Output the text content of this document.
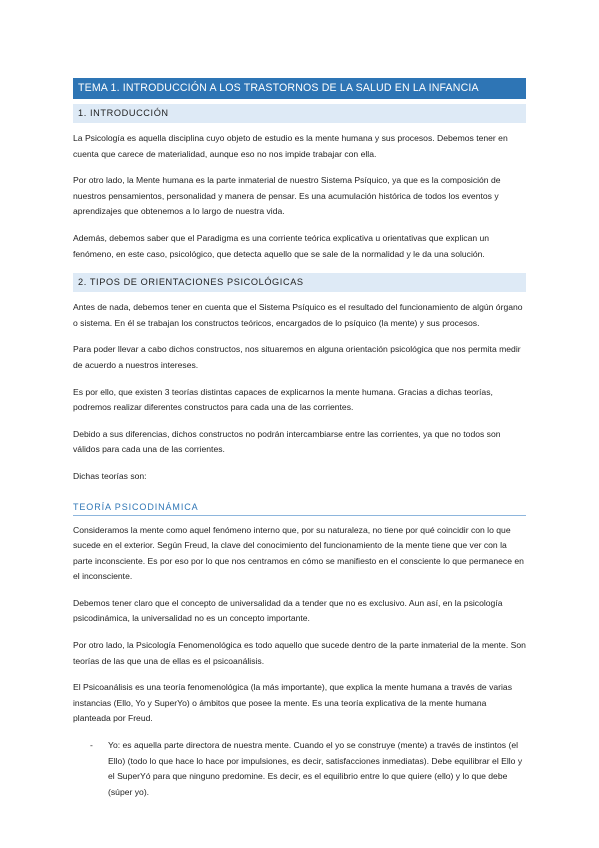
TEMA 1. INTRODUCCIÓN A LOS TRASTORNOS DE LA SALUD EN LA INFANCIA
1. INTRODUCCIÓN

La Psicología es aquella disciplina cuyo objeto de estudio es la mente humana y sus procesos. Debemos tener en cuenta que carece de materialidad, aunque eso no nos impide trabajar con ella.

Por otro lado, la Mente humana es la parte inmaterial de nuestro Sistema Psíquico, ya que es la composición de nuestros pensamientos, personalidad y manera de pensar. Es una acumulación histórica de todos los eventos y aprendizajes que obtenemos a lo largo de nuestra vida.

Además, debemos saber que el Paradigma es una corriente teórica explicativa u orientativas que explican un fenómeno, en este caso, psicológico, que detecta aquello que se sale de la normalidad y le da una solución.

2. TIPOS DE ORIENTACIONES PSICOLÓGICAS

Antes de nada, debemos tener en cuenta que el Sistema Psíquico es el resultado del funcionamiento de algún órgano o sistema. En él se trabajan los constructos teóricos, encargados de lo psíquico (la mente) y sus procesos.

Para poder llevar a cabo dichos constructos, nos situaremos en alguna orientación psicológica que nos permita medir de acuerdo a nuestros intereses.

Es por ello, que existen 3 teorías distintas capaces de explicarnos la mente humana. Gracias a dichas teorías, podremos realizar diferentes constructos para cada una de las corrientes.

Debido a sus diferencias, dichos constructos no podrán intercambiarse entre las corrientes, ya que no todos son válidos para cada una de las corrientes.

Dichas teorías son:

TEORÍA PSICODINÁMICA

Consideramos la mente como aquel fenómeno interno que, por su naturaleza, no tiene por qué coincidir con lo que sucede en el exterior. Según Freud, la clave del conocimiento del funcionamiento de la mente tiene que ver con la parte inconsciente. Es por eso por lo que nos centramos en cómo se manifiesto en el consciente lo que permanece en el inconsciente.

Debemos tener claro que el concepto de universalidad da a tender que no es exclusivo. Aun así, en la psicología psicodinámica, la universalidad no es un concepto importante.

Por otro lado, la Psicología Fenomenológica es todo aquello que sucede dentro de la parte inmaterial de la mente. Son teorías de las que una de ellas es el psicoanálisis.

El Psicoanálisis es una teoría fenomenológica (la más importante), que explica la mente humana a través de varias instancias (Ello, Yo y SuperYo) o ámbitos que posee la mente. Es una teoría explicativa de la mente humana planteada por Freud.

- Yo: es aquella parte directora de nuestra mente. Cuando el yo se construye (mente) a través de instintos (el Ello) (todo lo que hace lo hace por impulsiones, es decir, satisfacciones inmediatas). Debe equilibrar el Ello y el SuperYó para que ninguno predomine. Es decir, es el equilibrio entre lo que quiere (ello) y lo que debe (súper yo).
